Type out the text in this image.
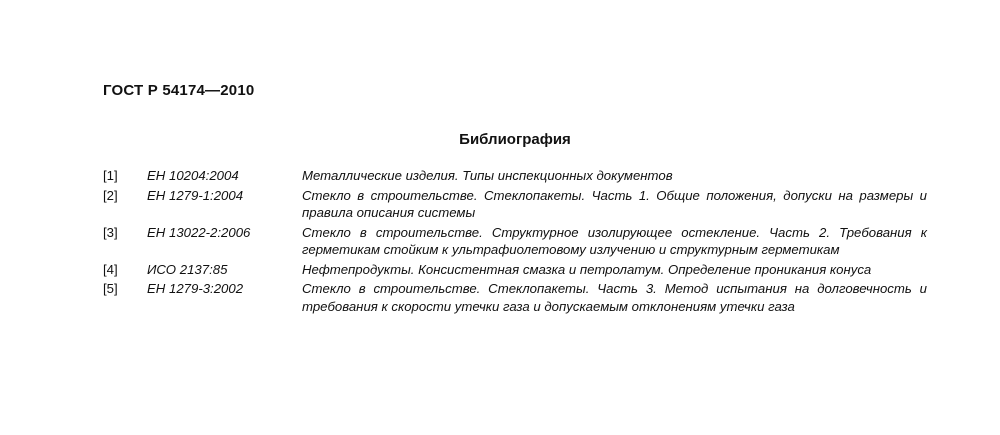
ГОСТ Р 54174—2010
Библиография
[1] ЕН 10204:2004	Металлические изделия. Типы инспекционных документов
[2] ЕН 1279-1:2004	Стекло в строительстве. Стеклопакеты. Часть 1. Общие положения, допуски на размеры и правила описания системы
[3] ЕН 13022-2:2006	Стекло в строительстве. Структурное изолирующее остекление. Часть 2. Требования к герметикам стойким к ультрафиолетовому излучению и структурным герметикам
[4] ИСО 2137:85	Нефтепродукты. Консистентная смазка и петролатум. Определение проникания конуса
[5] ЕН 1279-3:2002	Стекло в строительстве. Стеклопакеты. Часть 3. Метод испытания на долговечность и требования к скорости утечки газа и допускаемым отклонениям утечки газа
